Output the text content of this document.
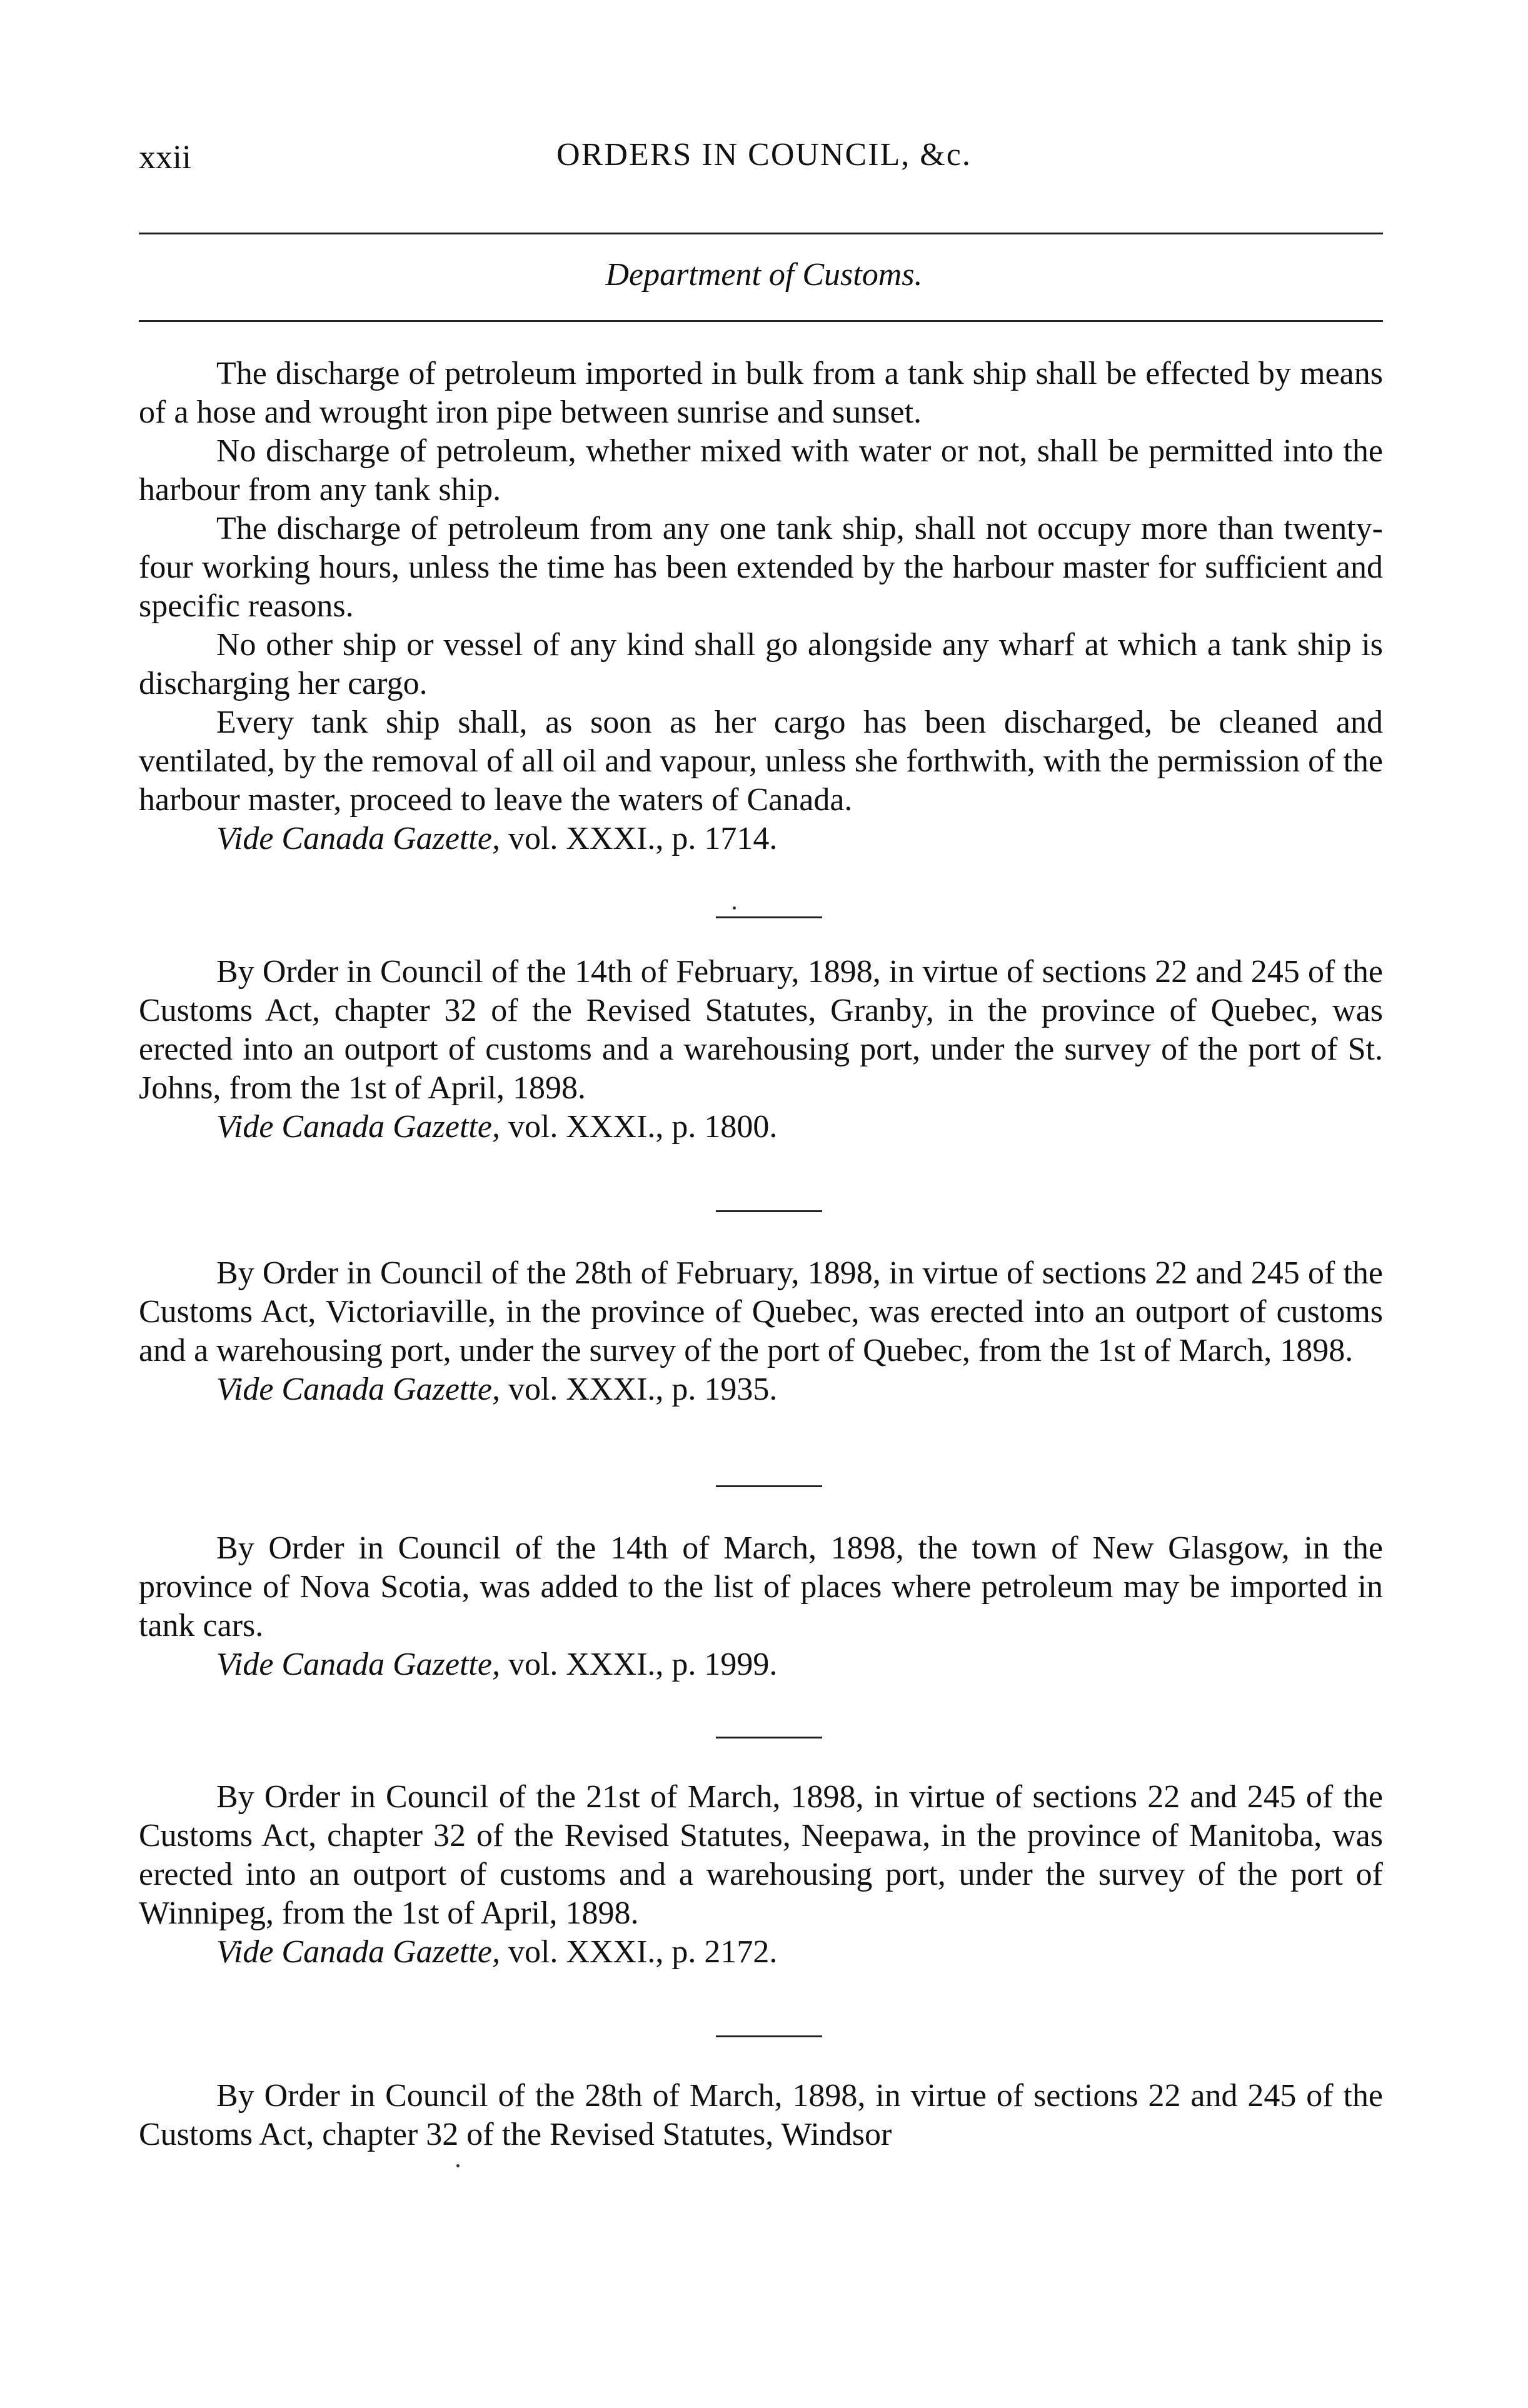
xxii	ORDERS IN COUNCIL, &c.
Department of Customs.

The discharge of petroleum imported in bulk from a tank ship shall be effected by means of a hose and wrought iron pipe between sunrise and sunset.

No discharge of petroleum, whether mixed with water or not, shall be permitted into the harbour from any tank ship.

The discharge of petroleum from any one tank ship, shall not occupy more than twenty-four working hours, unless the time has been extended by the harbour master for sufficient and specific reasons.

No other ship or vessel of any kind shall go alongside any wharf at which a tank ship is discharging her cargo.

Every tank ship shall, as soon as her cargo has been discharged, be cleaned and ventilated, by the removal of all oil and vapour, unless she forthwith, with the permission of the harbour master, proceed to leave the waters of Canada.

Vide Canada Gazette, vol. XXXI., p. 1714.

By Order in Council of the 14th of February, 1898, in virtue of sections 22 and 245 of the Customs Act, chapter 32 of the Revised Statutes, Granby, in the province of Quebec, was erected into an outport of customs and a warehousing port, under the survey of the port of St. Johns, from the 1st of April, 1898.

Vide Canada Gazette, vol. XXXI., p. 1800.

By Order in Council of the 28th of February, 1898, in virtue of sections 22 and 245 of the Customs Act, Victoriaville, in the province of Quebec, was erected into an outport of customs and a warehousing port, under the survey of the port of Quebec, from the 1st of March, 1898.

Vide Canada Gazette, vol. XXXI., p. 1935.

By Order in Council of the 14th of March, 1898, the town of New Glasgow, in the province of Nova Scotia, was added to the list of places where petroleum may be imported in tank cars.

Vide Canada Gazette, vol. XXXI., p. 1999.

By Order in Council of the 21st of March, 1898, in virtue of sections 22 and 245 of the Customs Act, chapter 32 of the Revised Statutes, Neepawa, in the province of Manitoba, was erected into an outport of customs and a warehousing port, under the survey of the port of Winnipeg, from the 1st of April, 1898.

Vide Canada Gazette, vol. XXXI., p. 2172.

By Order in Council of the 28th of March, 1898, in virtue of sections 22 and 245 of the Customs Act, chapter 32 of the Revised Statutes, Windsor
